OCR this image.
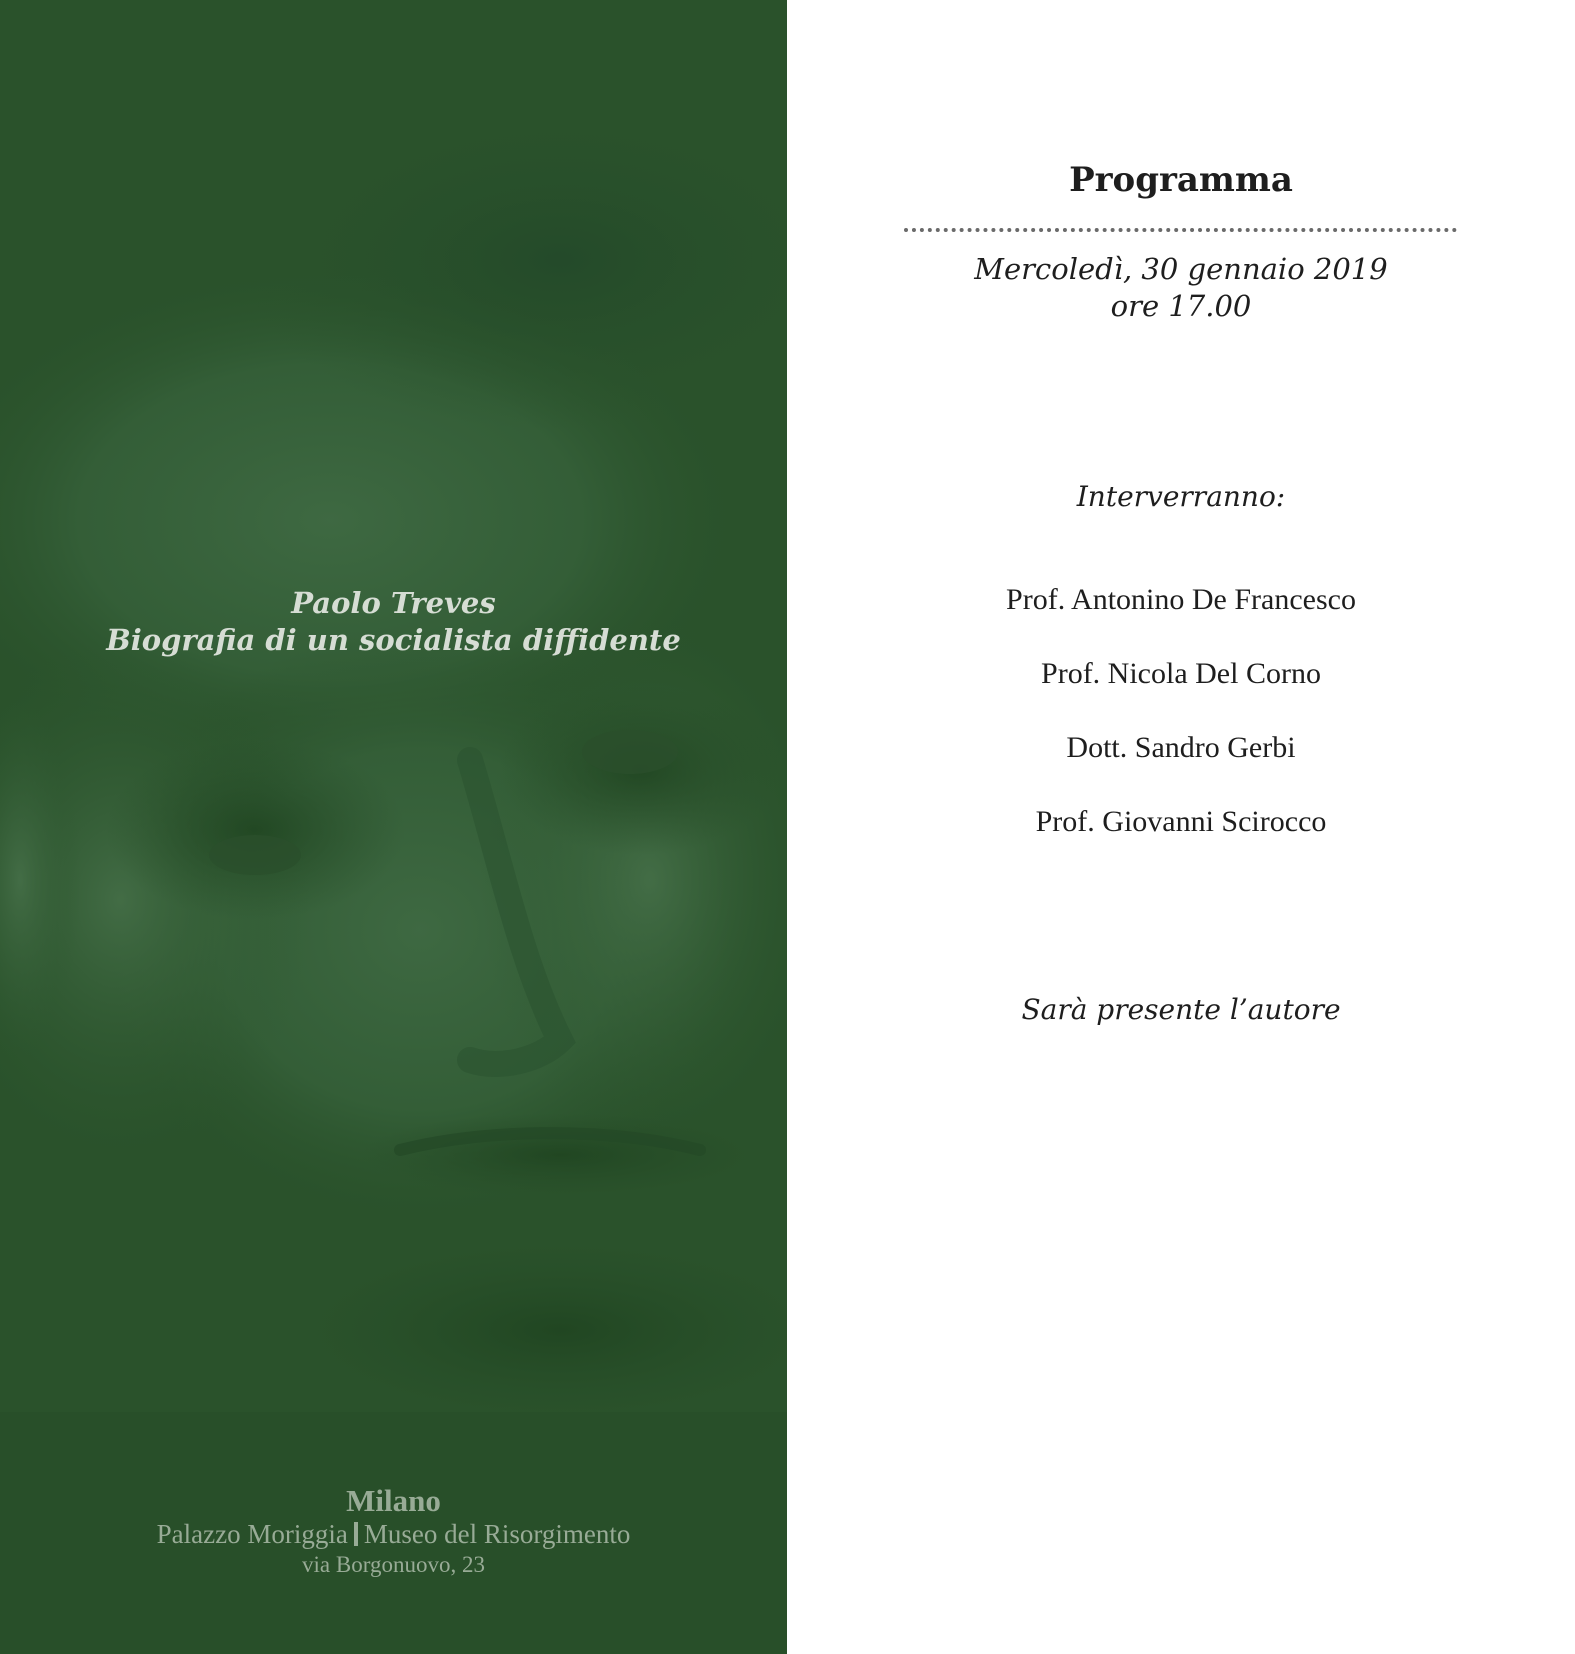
Paolo Treves
Biografia di un socialista diffidente
Milano
Palazzo Moriggia Museo del Risorgimento
via Borgonuovo, 23
Programma
Mercoledì, 30 gennaio 2019
ore 17.00
Interverranno:
Prof. Antonino De Francesco
Prof. Nicola Del Corno
Dott. Sandro Gerbi
Prof. Giovanni Scirocco
Sarà presente l’autore
